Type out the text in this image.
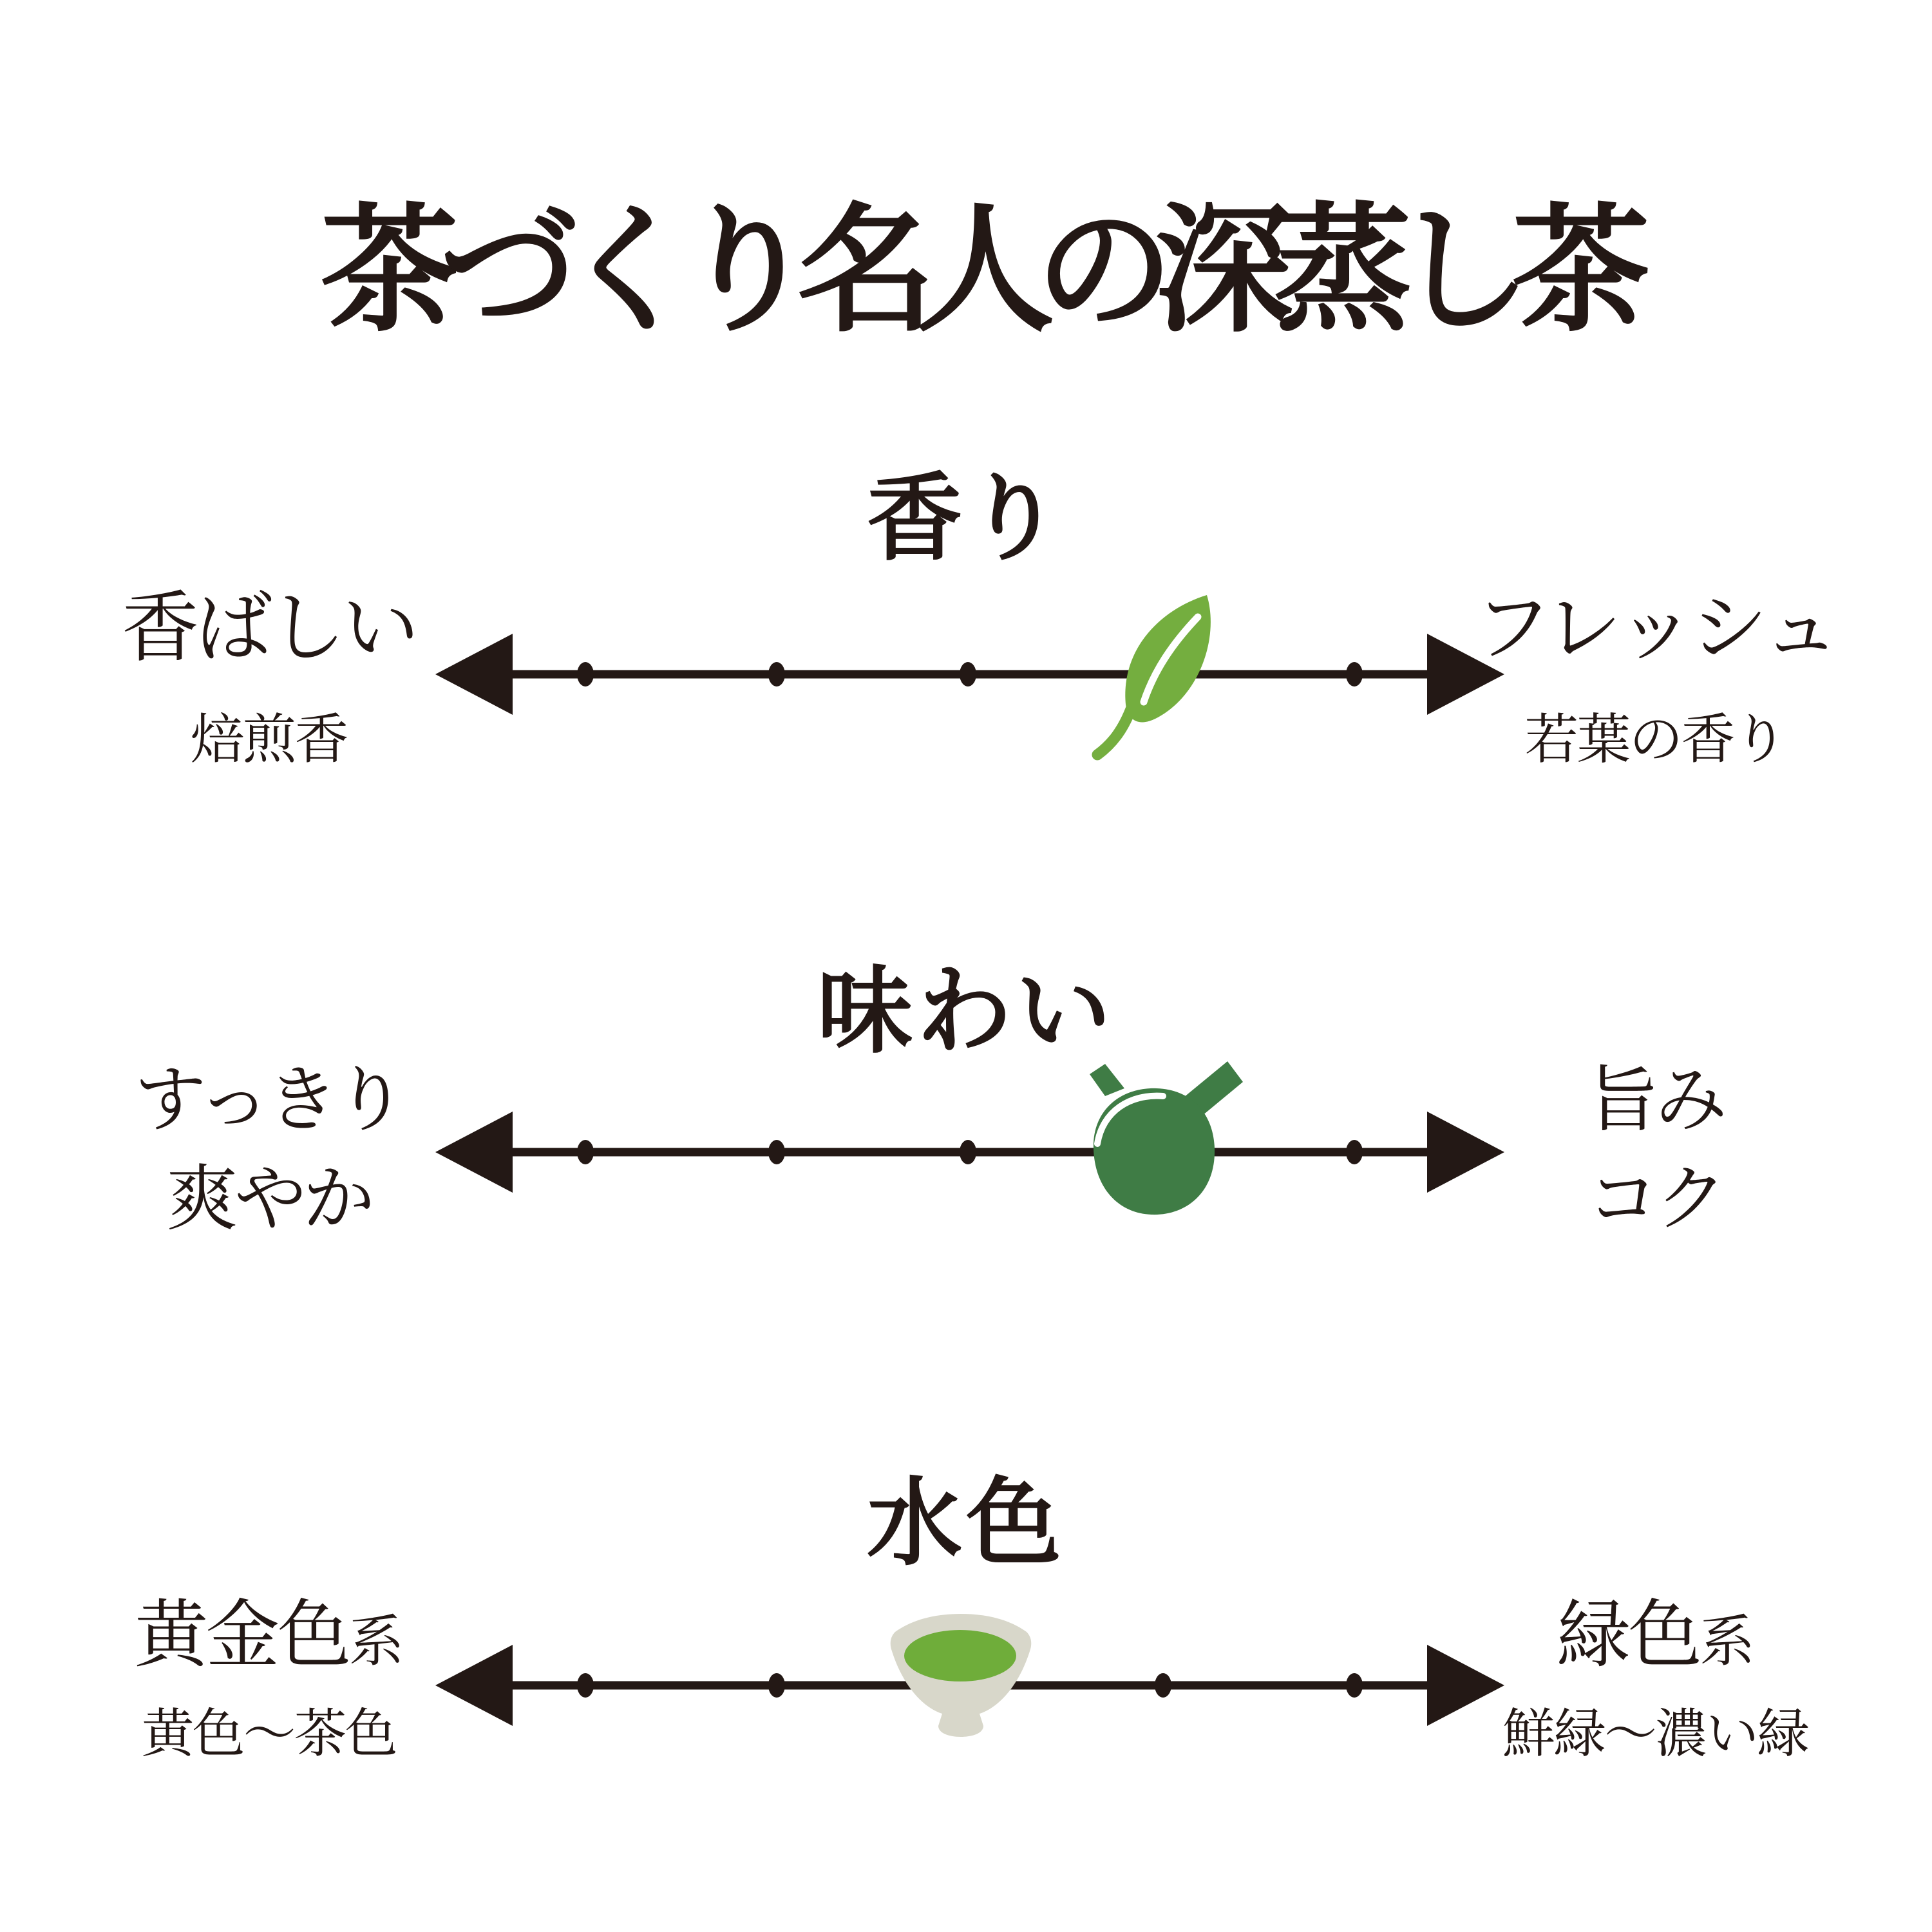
茶づくり名人の深蒸し茶
香り
味わい
水色
香ばしい
焙煎香
フレッシュ
若葉の香り
すっきり
爽やか
旨み
コク
黄金色系
黄色〜茶色
緑色系
鮮緑〜濃い緑
